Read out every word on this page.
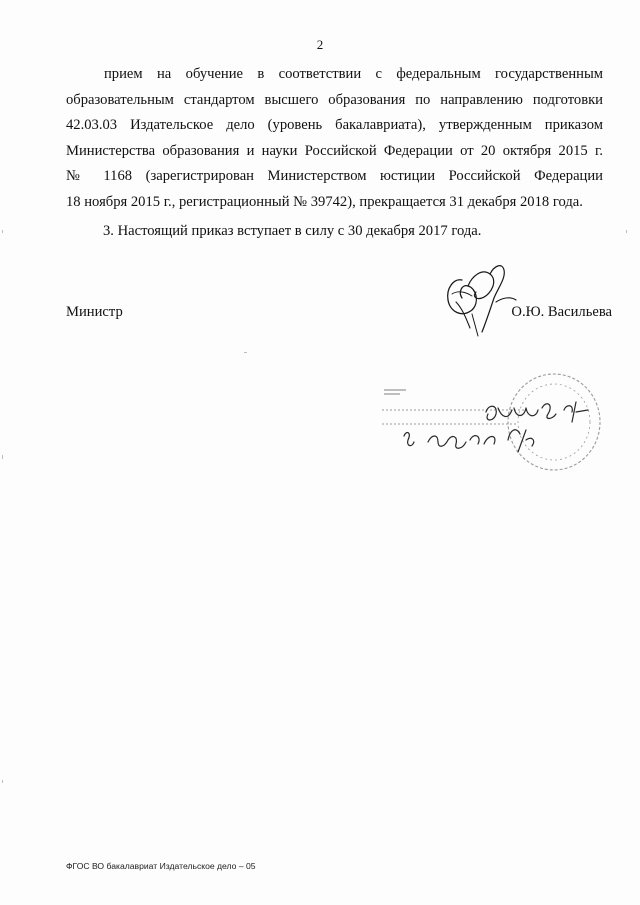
2
прием на обучение в соответствии с федеральным государственным
образовательным стандартом высшего образования по направлению подготовки
42.03.03 Издательское дело (уровень бакалавриата), утвержденным приказом
Министерства образования и науки Российской Федерации от 20 октября 2015 г.
№ 1168 (зарегистрирован Министерством юстиции Российской Федерации
18 ноября 2015 г., регистрационный № 39742), прекращается 31 декабря 2018 года.
3. Настоящий приказ вступает в силу с 30 декабря 2017 года.
Министр	О.Ю. Васильева
ФГОС ВО бакалавриат Издательское дело – 05
